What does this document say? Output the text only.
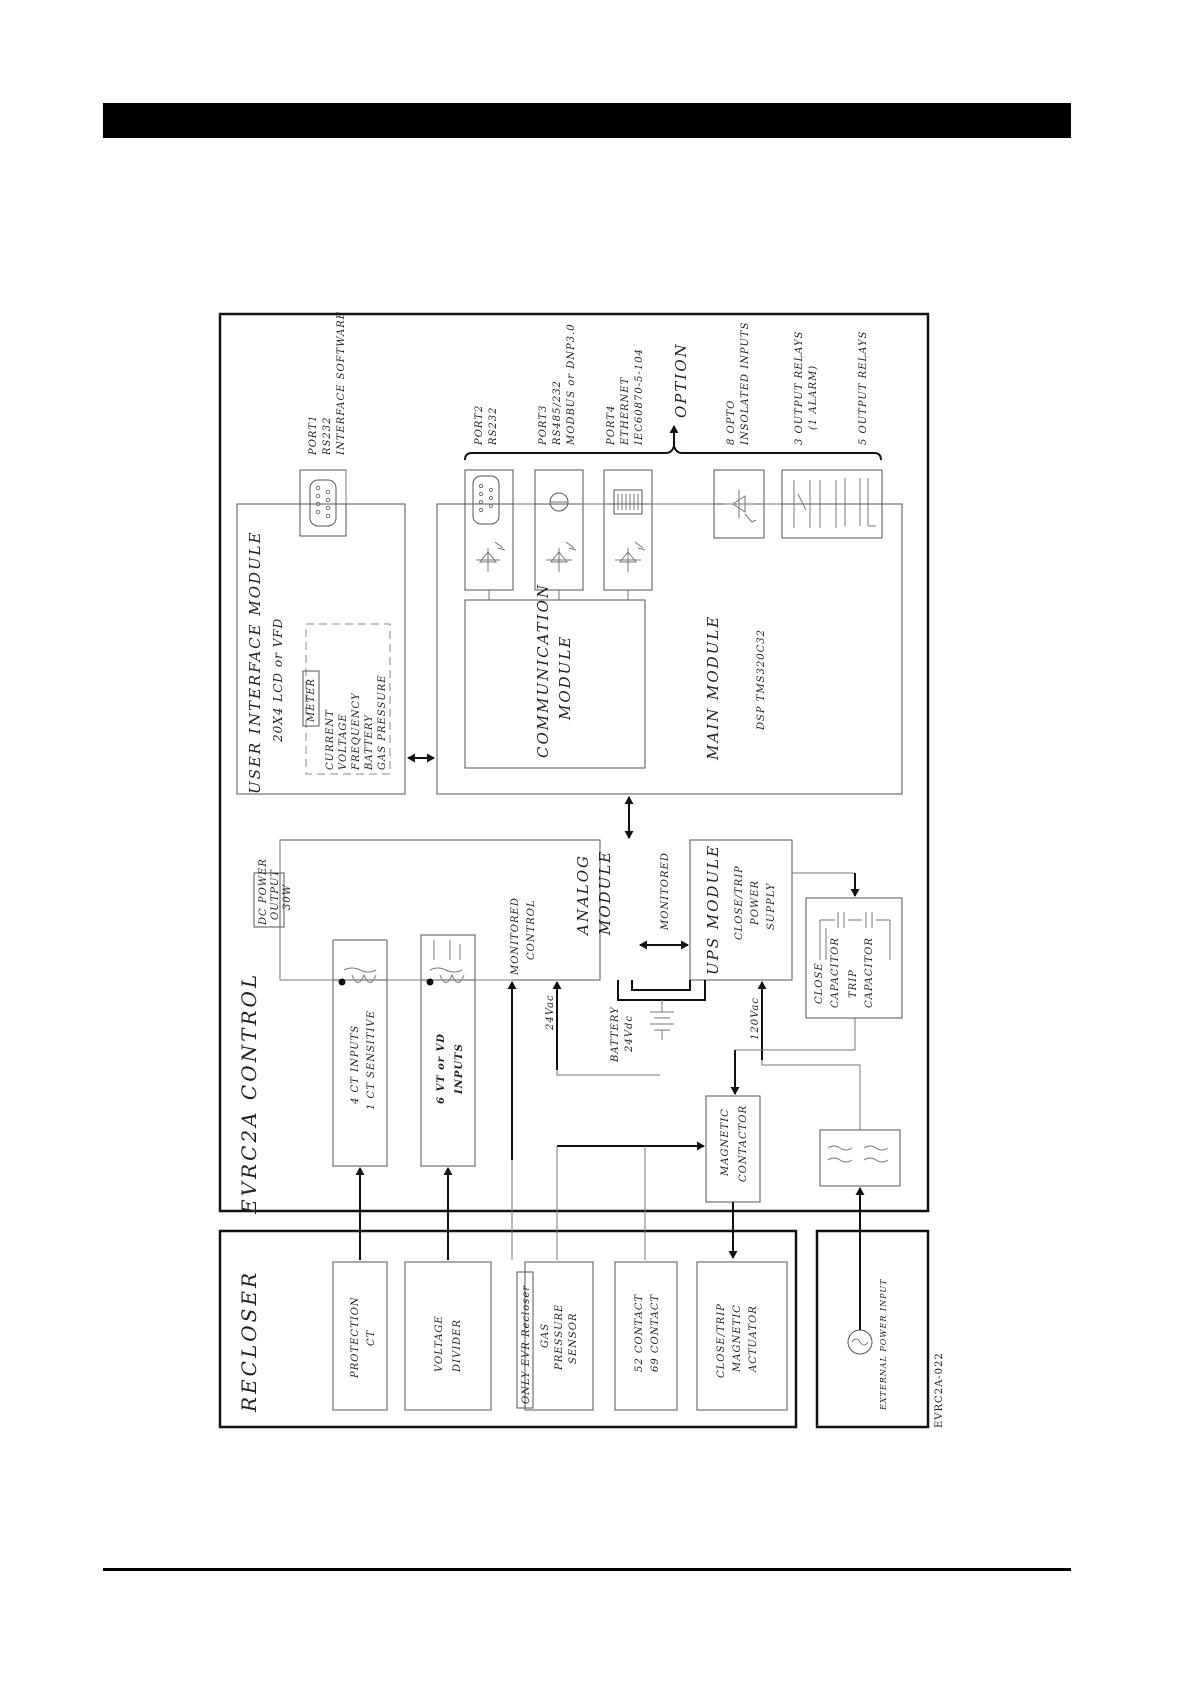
EVRC2A CONTROL
RECLOSER
USER INTERFACE MODULE 20X4 LCD or VFD METER
CURRENT VOLTAGE FREQUENCY BATTERY GAS PRESSURE
PORT1 RS232 INTERFACE SOFTWARE	PORT2 RS232	PORT3 RS485/232 MODBUS or DNP3.0	PORT4 ETHERNET IEC60870-5-104 OPTION
8 OPTO INSOLATED INPUTS	3 OUTPUT RELAYS (1 ALARM)	5 OUTPUT RELAYS
COMMUNICATION MODULE	MAIN MODULE	DSP TMS320C32
DC POWER OUTPUT 30W
MONITORED CONTROL ANALOG MODULE	MONITORED UPS MODULE CLOSE/TRIP POWER SUPPLY
CLOSE CAPACITOR TRIP CAPACITOR
4 CT INPUTS 1 CT SENSITIVE	6 VT or VD INPUTS
24Vac	BATTERY 24Vdc	120Vac
MAGNETIC CONTACTOR
PROTECTION CT	VOLTAGE DIVIDER	ONLY EVR Recloser GAS PRESSURE SENSOR	52 CONTACT 69 CONTACT	CLOSE/TRIP MAGNETIC ACTUATOR	EXTERNAL POWER INPUT	EVRC2A-022
